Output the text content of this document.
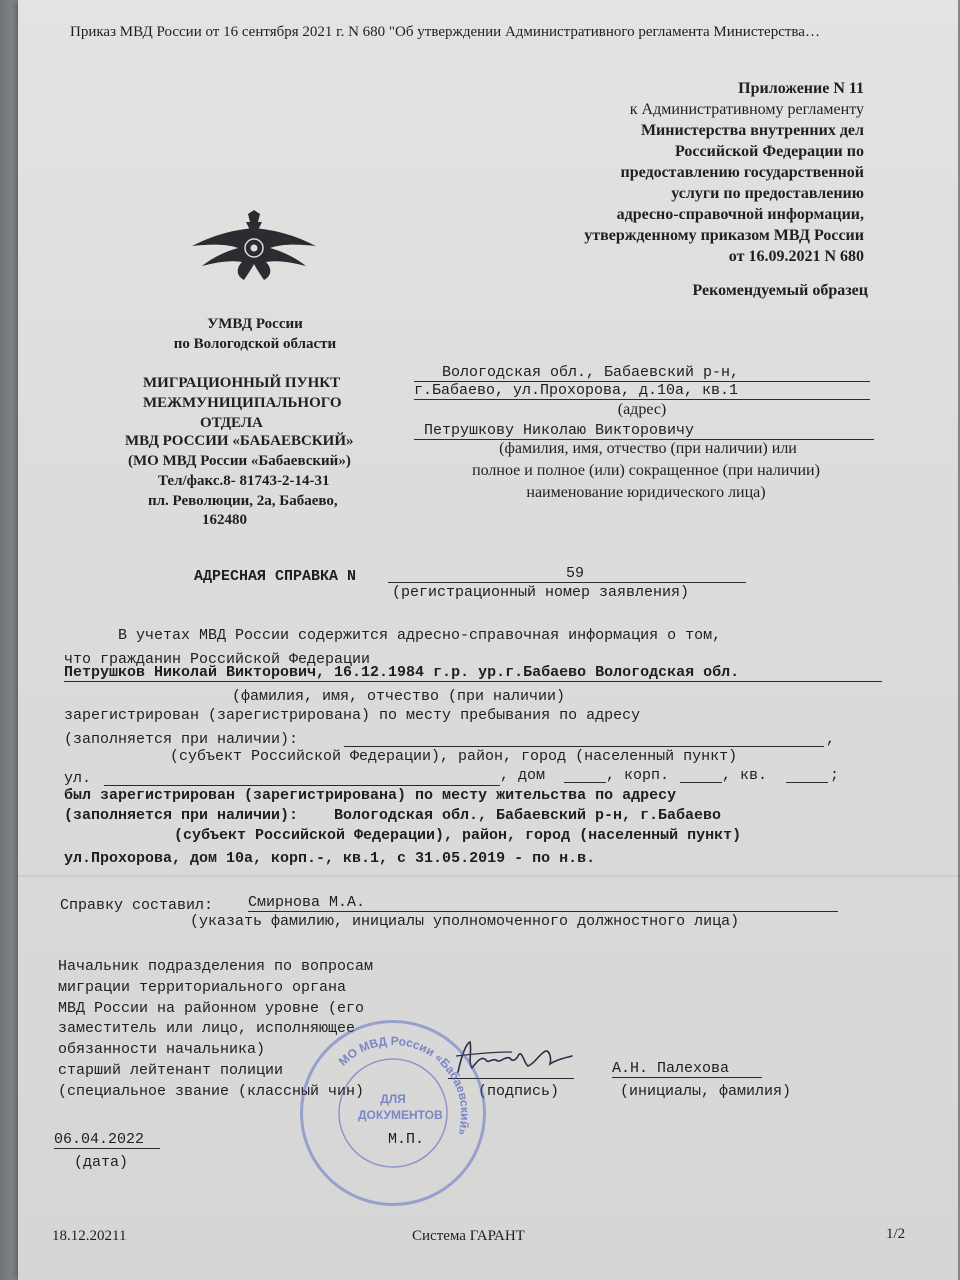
Приказ МВД России от 16 сентября 2021 г. N 680 "Об утверждении Административного регламента Министерства…
Приложение N 11
к Административному регламенту
Министерства внутренних дел
Российской Федерации по
предоставлению государственной
услуги по предоставлению
адресно-справочной информации,
утвержденному приказом МВД России
от 16.09.2021 N 680
Рекомендуемый образец
УМВД России
по Вологодской области
МИГРАЦИОННЫЙ ПУНКТ
МЕЖМУНИЦИПАЛЬНОГО
ОТДЕЛА
МВД РОССИИ «БАБАЕВСКИЙ»
(МО МВД России «Бабаевский»)
Тел/факс.8- 81743-2-14-31
пл. Революции, 2а, Бабаево,
162480
Вологодская обл., Бабаевский р-н,
г.Бабаево, ул.Прохорова, д.10а, кв.1
(адрес)
Петрушкову Николаю Викторовичу
(фамилия, имя, отчество (при наличии) или
полное и полное (или) сокращенное (при наличии)
наименование юридического лица)
АДРЕСНАЯ СПРАВКА N	59
(регистрационный номер заявления)
В учетах МВД России содержится адресно-справочная информация о том,
что гражданин Российской Федерации
Петрушков Николай Викторович, 16.12.1984 г.р. ур.г.Бабаево Вологодская обл.
(фамилия, имя, отчество (при наличии)
зарегистрирован (зарегистрирована) по месту пребывания по адресу
(заполняется при наличии):	,
(субъект Российской Федерации), район, город (населенный пункт)
ул.	, дом	, корп.	, кв.	;
был зарегистрирован (зарегистрирована) по месту жительства по адресу
(заполняется при наличии): Вологодская обл., Бабаевский р-н, г.Бабаево
(субъект Российской Федерации), район, город (населенный пункт)
ул.Прохорова, дом 10а, корп.-, кв.1, с 31.05.2019 - по н.в.
Справку составил: Смирнова М.А.
(указать фамилию, инициалы уполномоченного должностного лица)
Начальник подразделения по вопросам
миграции территориального органа
МВД России на районном уровне (его
заместитель или лицо, исполняющее
обязанности начальника)
старший лейтенант полиции
(специальное звание (классный чин)	(подпись)
А.Н. Палехова
(инициалы, фамилия)
06.04.2022
(дата)
М.П.
МО МВД России «Бабаевский»
ДЛЯ ДОКУМЕНТОВ
18.12.20211	Система ГАРАНТ	1/2
